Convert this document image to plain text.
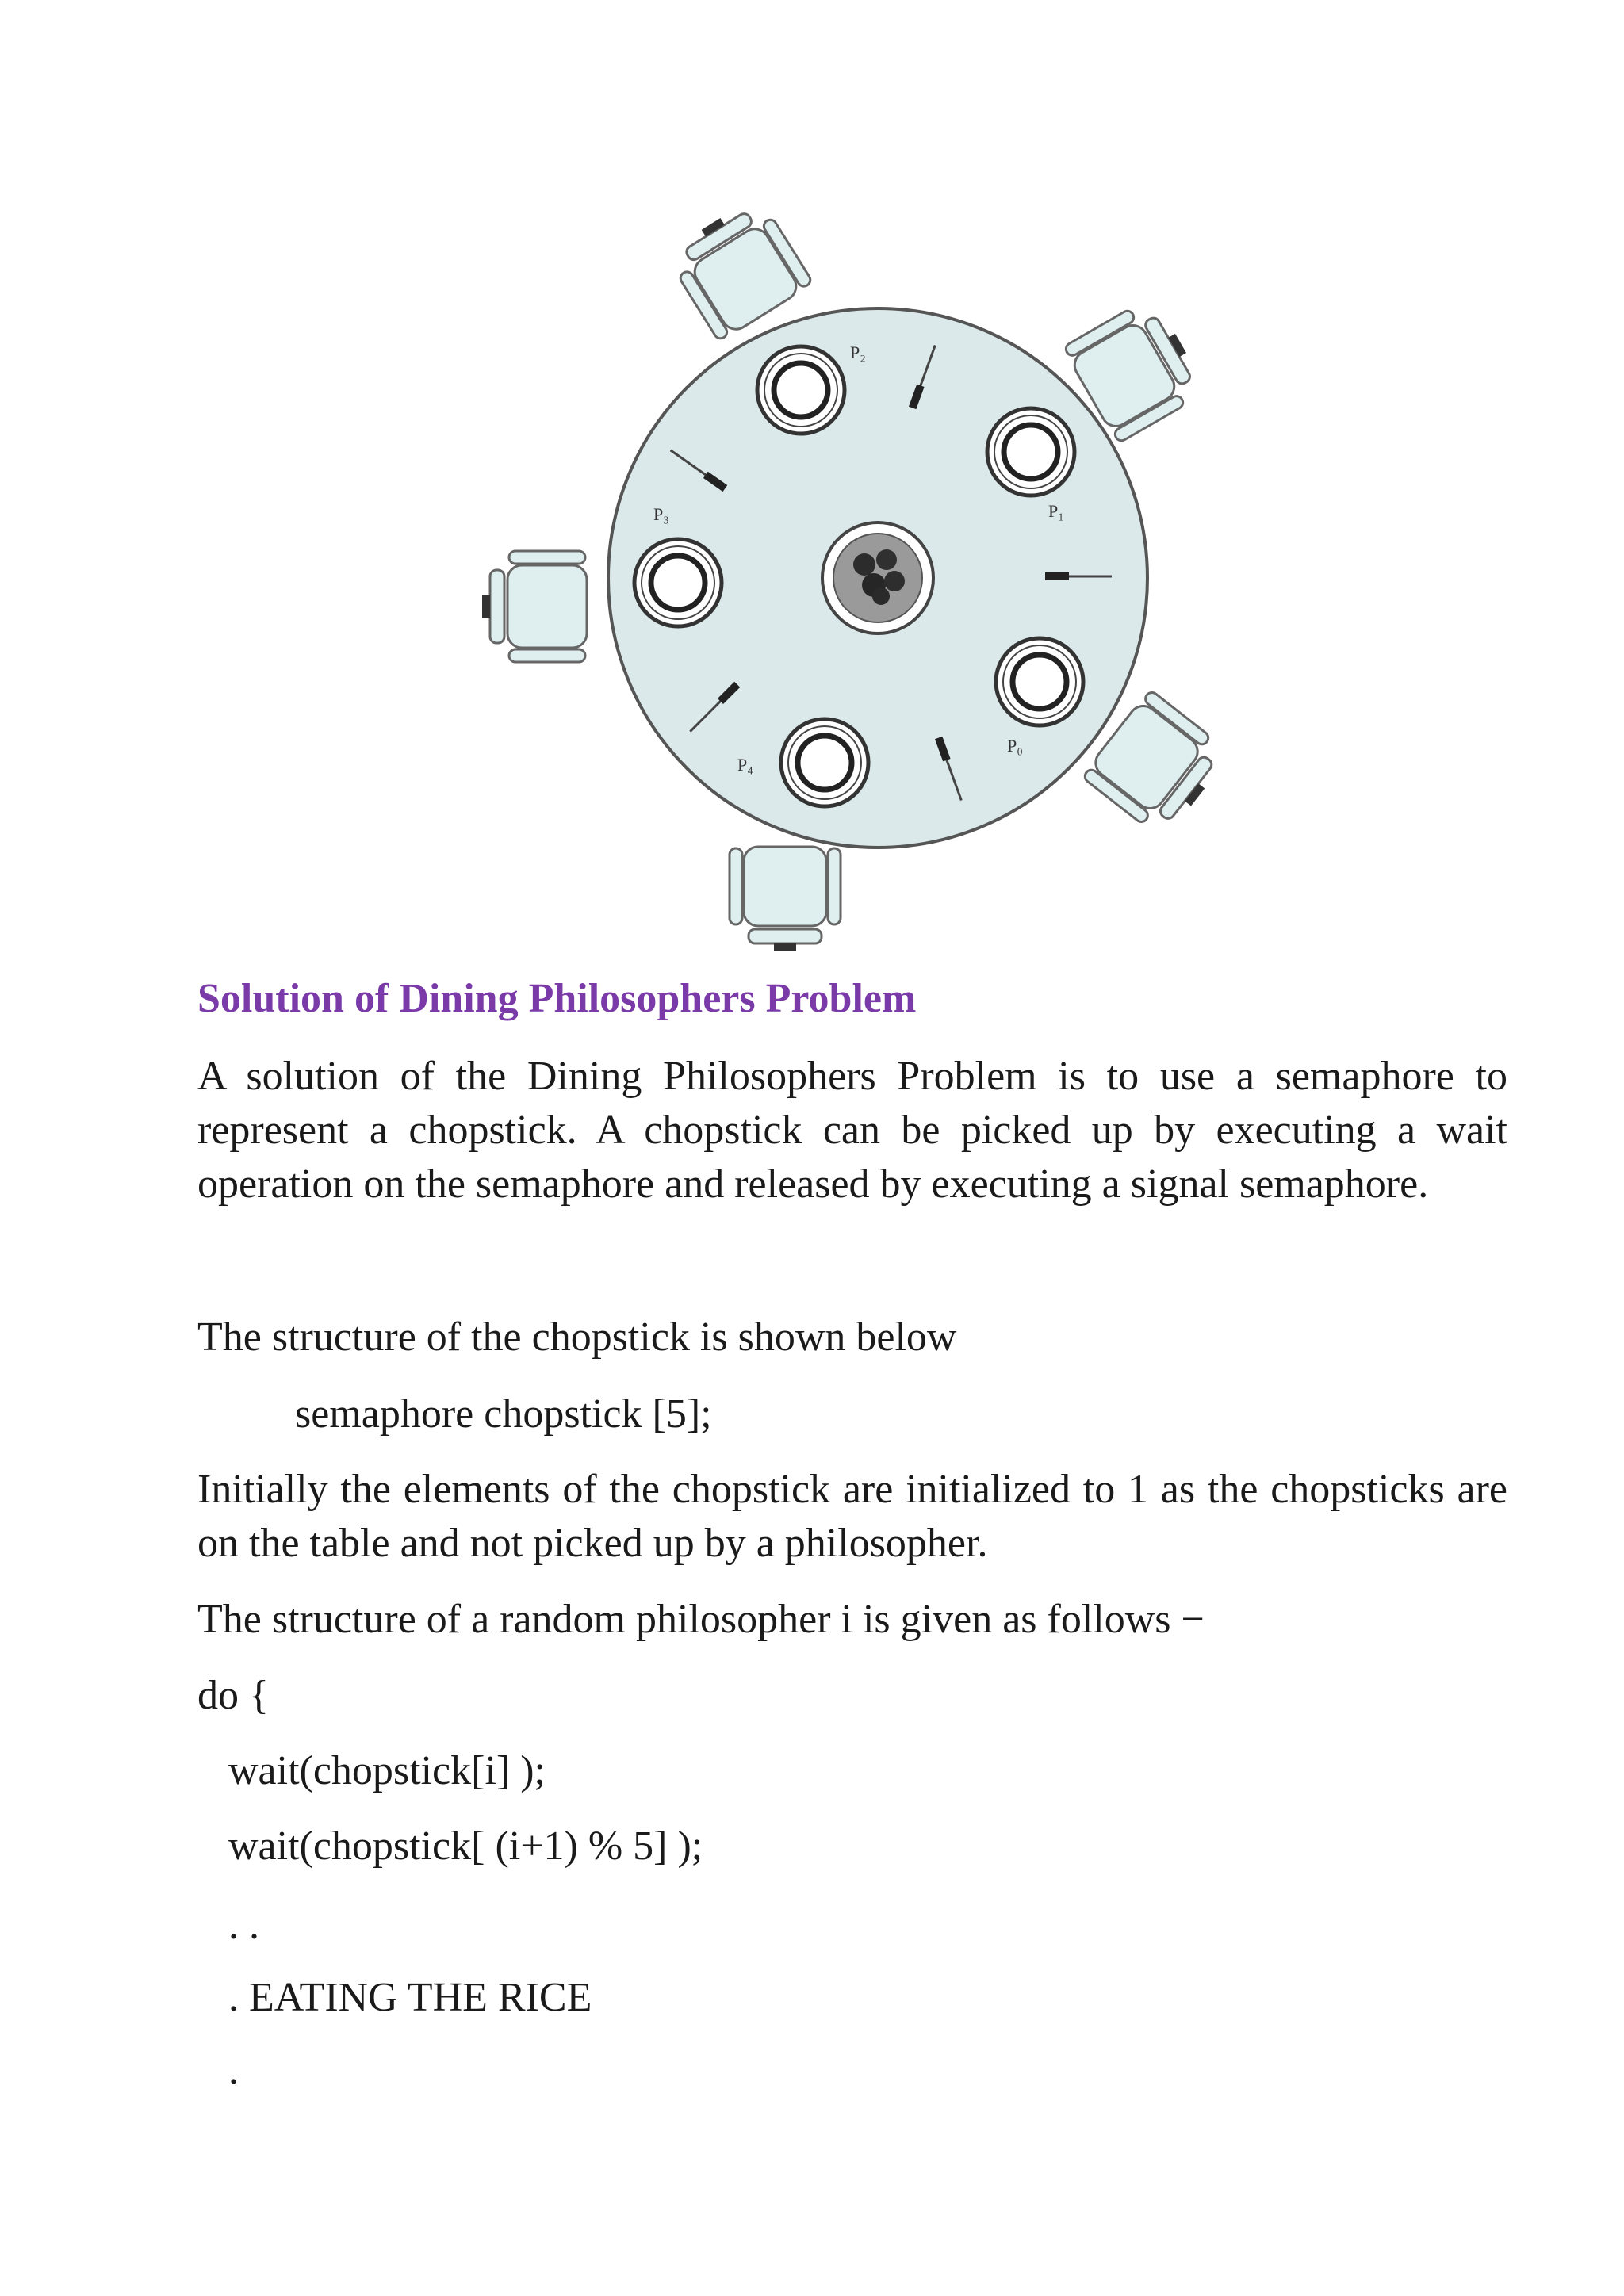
P₂
P₁
P₃
P₀
P₄
Solution of Dining Philosophers Problem

A solution of the Dining Philosophers Problem is to use a semaphore to represent a chopstick. A chopstick can be picked up by executing a wait operation on the semaphore and released by executing a signal semaphore.

The structure of the chopstick is shown below

semaphore chopstick [5];

Initially the elements of the chopstick are initialized to 1 as the chopsticks are on the table and not picked up by a philosopher.

The structure of a random philosopher i is given as follows −

do {

wait(chopstick[i] );

wait(chopstick[ (i+1) % 5] );

. .

. EATING THE RICE

.
